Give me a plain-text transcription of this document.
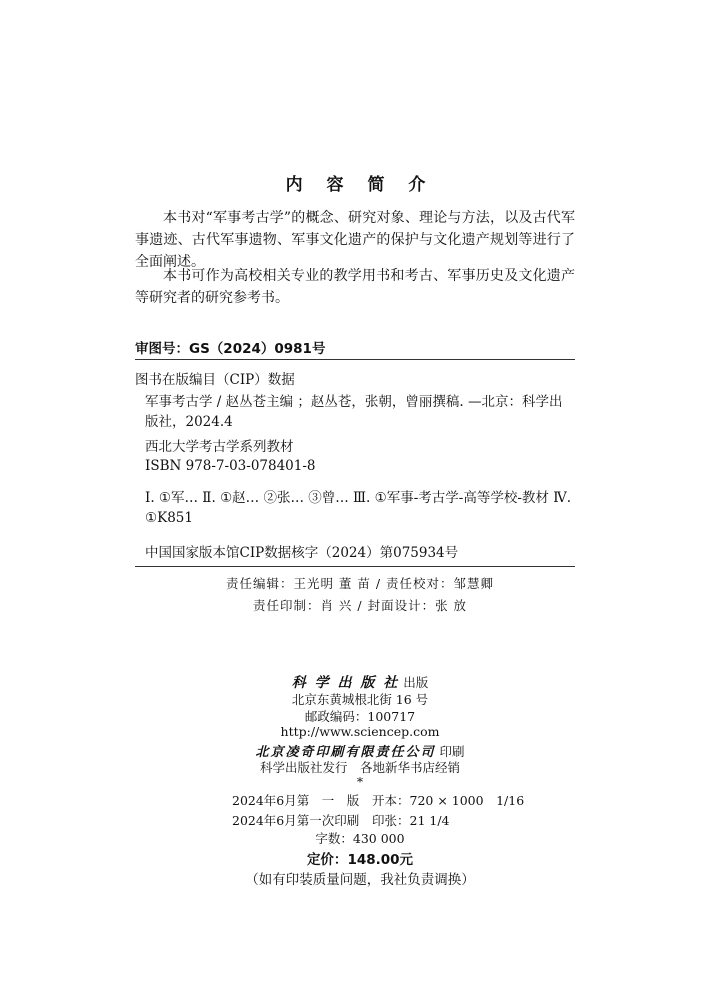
内 容 简 介

本书对“军事考古学”的概念、研究对象、理论与方法，以及古代军事遗迹、古代军事遗物、军事文化遗产的保护与文化遗产规划等进行了全面阐述。

本书可作为高校相关专业的教学用书和考古、军事历史及文化遗产等研究者的研究参考书。

审图号：GS（2024）0981号
图书在版编目（CIP）数据
军事考古学 / 赵丛苍主编 ；赵丛苍，张朝，曾丽撰稿. —北京：科学出版社，2024.4
西北大学考古学系列教材
ISBN 978-7-03-078401-8
Ⅰ. ①军… Ⅱ. ①赵… ②张… ③曾… Ⅲ. ①军事-考古学-高等学校-教材 Ⅳ. ①K851
中国国家版本馆CIP数据核字（2024）第075934号
责任编辑：王光明 董 苗 / 责任校对：邹慧卿
责任印制：肖 兴 / 封面设计：张 放
科 学 出 版 社 出版
北京东黄城根北街 16 号
邮政编码：100717
http://www.sciencep.com
北京凌奇印刷有限责任公司 印刷
科学出版社发行　各地新华书店经销
*
2024年6月第　一　版 开本：720 × 1000　1/16
2024年6月第一次印刷 印张：21 1/4
字数：430 000
定价：148.00元
（如有印装质量问题，我社负责调换）
